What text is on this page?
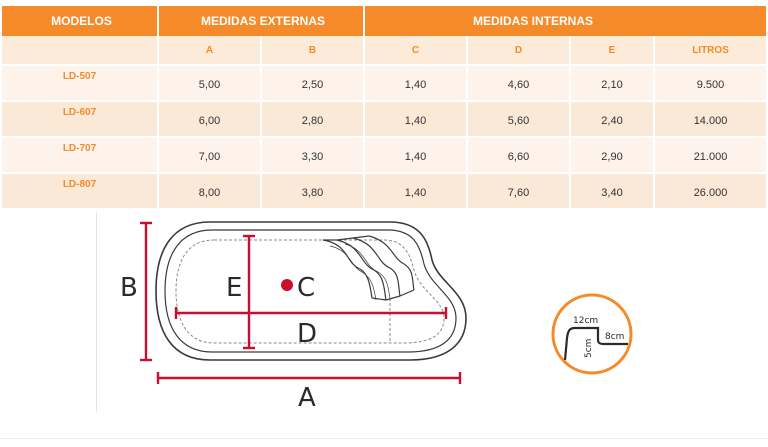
MODELOS	MEDIDAS EXTERNAS		MEDIDAS INTERNAS			
	A	B	C	D	E	LITROS
LD-507	5,00	2,50	1,40	4,60	2,10	9.500
LD-607	6,00	2,80	1,40	5,60	2,40	14.000
LD-707	7,00	3,30	1,40	6,60	2,90	21.000
LD-807	8,00	3,80	1,40	7,60	3,40	26.000
B	E C
D
A
12cm
8cm
5cm
